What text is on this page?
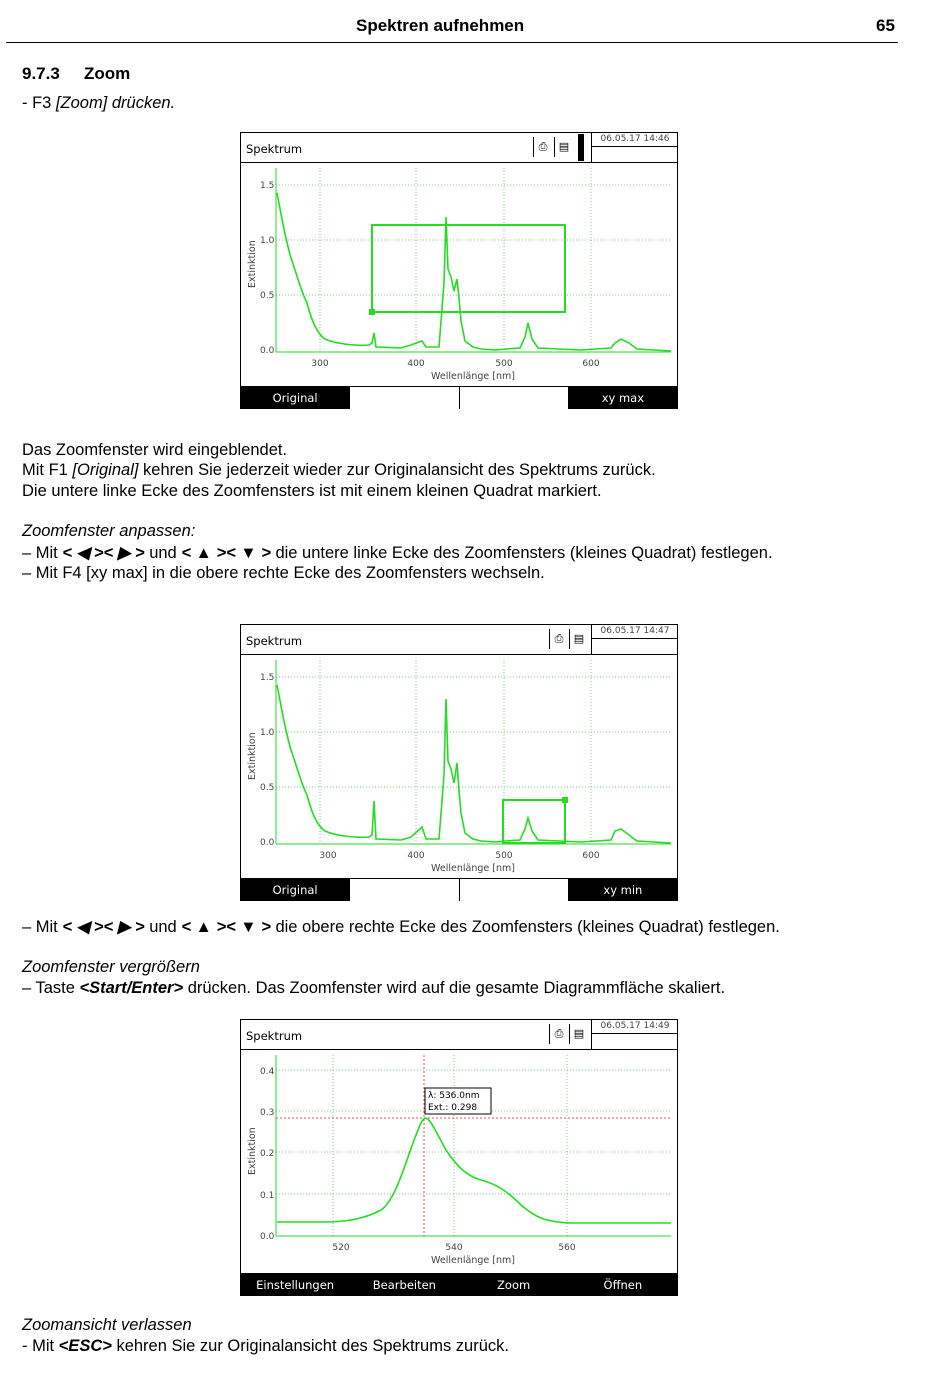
Spektren aufnehmen	65
9.7.3 Zoom
- F3 [Zoom] drücken.
Spektrum	⎙	▤
06.05.17 14:46
1.5
1.0
0.5
0.0
300	400	500	600
Wellenlänge [nm]
Extinktion
Original	xy max
Das Zoomfenster wird eingeblendet.
Mit F1 [Original] kehren Sie jederzeit wieder zur Originalansicht des Spektrums zurück.
Die untere linke Ecke des Zoomfensters ist mit einem kleinen Quadrat markiert.
Zoomfenster anpassen:
– Mit < ◀ >< ▶ > und < ▲ >< ▼ > die untere linke Ecke des Zoomfensters (kleines Quadrat) festlegen.
– Mit F4 [xy max] in die obere rechte Ecke des Zoomfensters wechseln.
Spektrum	⎙ ▤
06.05.17 14:47
1.5
1.0
0.5
0.0
300	400	500	600
Wellenlänge [nm]
Extinktion
Original	xy min
– Mit < ◀ >< ▶ > und < ▲ >< ▼ > die obere rechte Ecke des Zoomfensters (kleines Quadrat) festlegen.
Zoomfenster vergrößern
– Taste <Start/Enter> drücken. Das Zoomfenster wird auf die gesamte Diagrammfläche skaliert.
Spektrum	⎙ ▤
06.05.17 14:49
0.4
0.3
0.2
0.1
0.0
520	540	560
Wellenlänge [nm]
Extinktion
λ: 536.0nm
Ext.: 0.298
Einstellungen	Bearbeiten	Zoom	Öffnen
Zoomansicht verlassen
- Mit <ESC> kehren Sie zur Originalansicht des Spektrums zurück.
